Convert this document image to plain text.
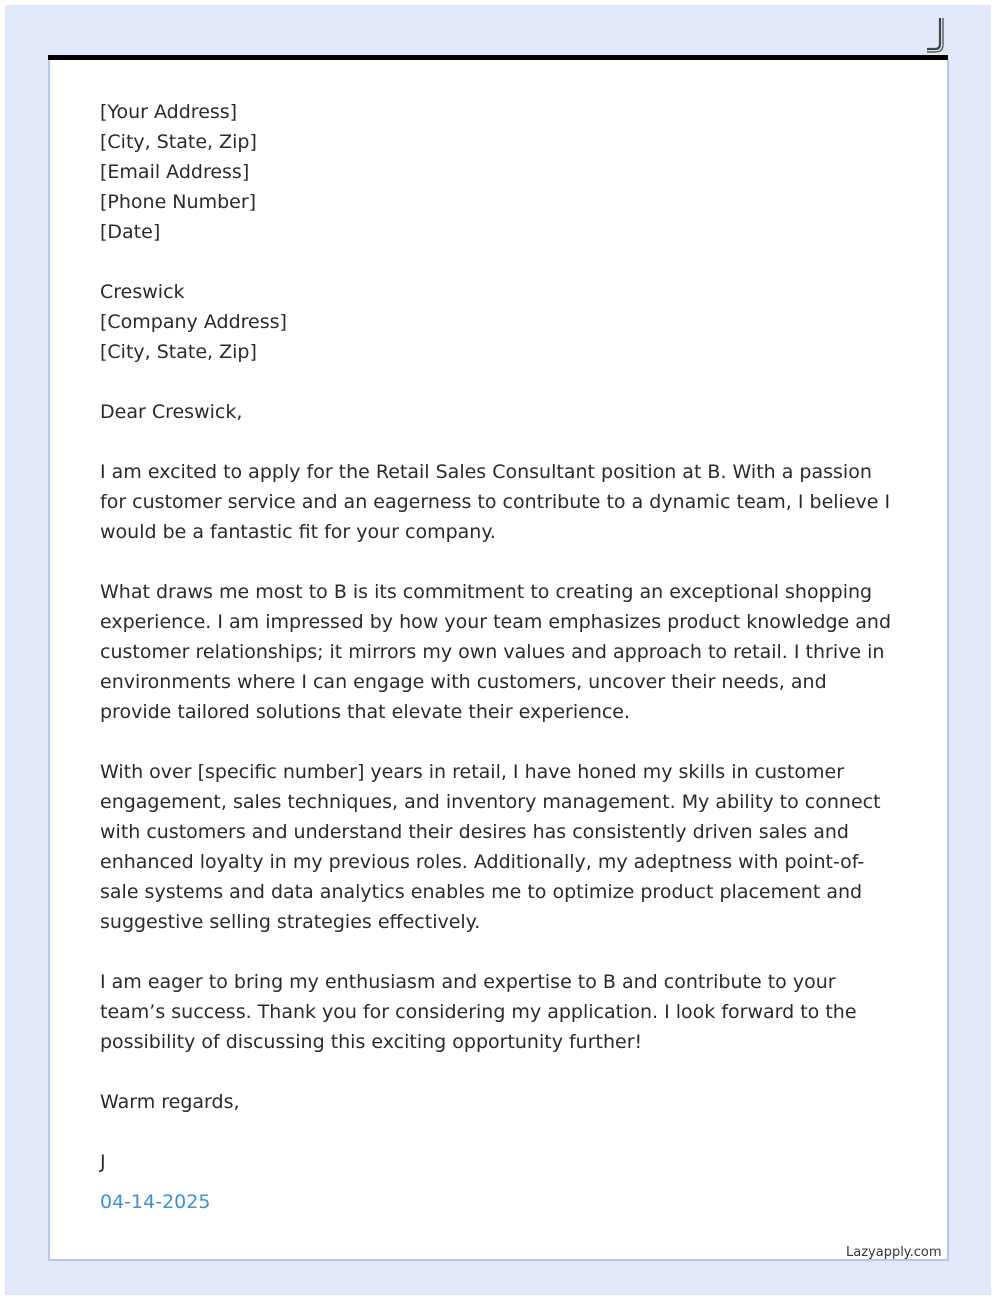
[Your Address]
[City, State, Zip]
[Email Address]
[Phone Number]
[Date]
Creswick
[Company Address]
[City, State, Zip]

Dear Creswick,

I am excited to apply for the Retail Sales Consultant position at B. With a passion for customer service and an eagerness to contribute to a dynamic team, I believe I would be a fantastic fit for your company.

What draws me most to B is its commitment to creating an exceptional shopping experience. I am impressed by how your team emphasizes product knowledge and customer relationships; it mirrors my own values and approach to retail. I thrive in environments where I can engage with customers, uncover their needs, and provide tailored solutions that elevate their experience.

With over [specific number] years in retail, I have honed my skills in customer engagement, sales techniques, and inventory management. My ability to connect with customers and understand their desires has consistently driven sales and enhanced loyalty in my previous roles. Additionally, my adeptness with point-of-sale systems and data analytics enables me to optimize product placement and suggestive selling strategies effectively.

I am eager to bring my enthusiasm and expertise to B and contribute to your team’s success. Thank you for considering my application. I look forward to the possibility of discussing this exciting opportunity further!

Warm regards,

J

04-14-2025

Lazyapply.com
